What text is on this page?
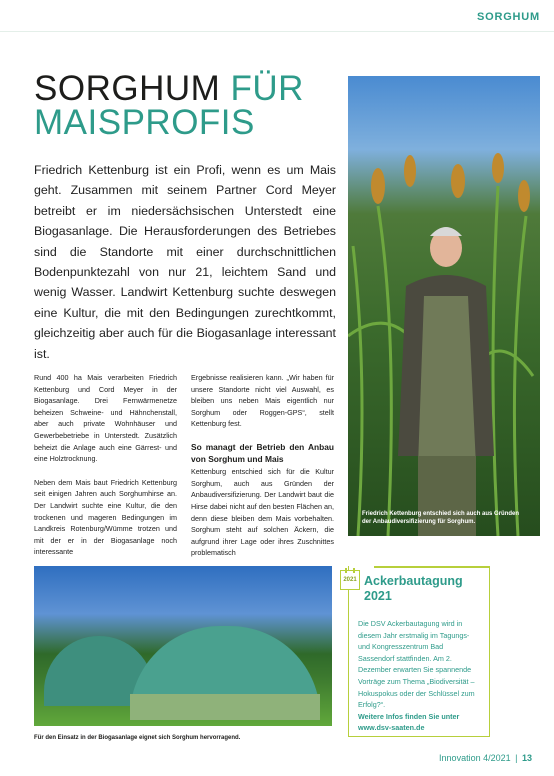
SORGHUM
SORGHUM FÜR
MAISPROFIS
Friedrich Kettenburg ist ein Profi, wenn es um Mais geht. Zusammen mit seinem Partner Cord Meyer betreibt er im niedersächsischen Unterstedt eine Biogasanlage. Die Herausforderungen des Betriebes sind die Standorte mit einer durchschnittlichen Bodenpunktezahl von nur 21, leichtem Sand und wenig Wasser. Landwirt Kettenburg suchte deswegen eine Kultur, die mit den Bedingungen zurechtkommt, gleichzeitig aber auch für die Biogasanlage interessant ist.
Friedrich Kettenburg entschied sich auch aus Gründen der Anbaudiversifizierung für Sorghum.

Rund 400 ha Mais verarbeiten Friedrich Kettenburg und Cord Meyer in der Biogasanlage. Drei Fernwärmenetze beheizen Schweine- und Hähnchenstall, aber auch private Wohnhäuser und Gewerbebetriebe in Unterstedt. Zusätzlich beheizt die Anlage auch eine Gärrest- und eine Holztrocknung.

Neben dem Mais baut Friedrich Kettenburg seit einigen Jahren auch Sorghumhirse an. Der Landwirt suchte eine Kultur, die den trockenen und mageren Bedingungen im Landkreis Rotenburg/Wümme trotzen und mit der er in der Biogasanlage noch interessante

Ergebnisse realisieren kann. „Wir haben für unsere Standorte nicht viel Auswahl, es bleiben uns neben Mais eigentlich nur Sorghum oder Roggen-GPS“, stellt Kettenburg fest.

So managt der Betrieb den Anbau von Sorghum und Mais

Kettenburg entschied sich für die Kultur Sorghum, auch aus Gründen der Anbaudiversifizierung. Der Landwirt baut die Hirse dabei nicht auf den besten Flächen an, denn diese bleiben dem Mais vorbehalten. Sorghum steht auf solchen Äckern, die aufgrund ihrer Lage oder ihres Zuschnittes problematisch

Für den Einsatz in der Biogasanlage eignet sich Sorghum hervorragend.
2021 Ackerbautagung
2021

Die DSV Ackerbautagung wird in diesem Jahr erstmalig im Tagungs- und Kongresszentrum Bad Sassendorf stattfinden. Am 2. Dezember erwarten Sie spannende Vorträge zum Thema „Biodiversität – Hokuspokus oder der Schlüssel zum Erfolg?“.

Weitere Infos finden Sie unter

www.dsv-saaten.de

Innovation 4/2021 | 13
